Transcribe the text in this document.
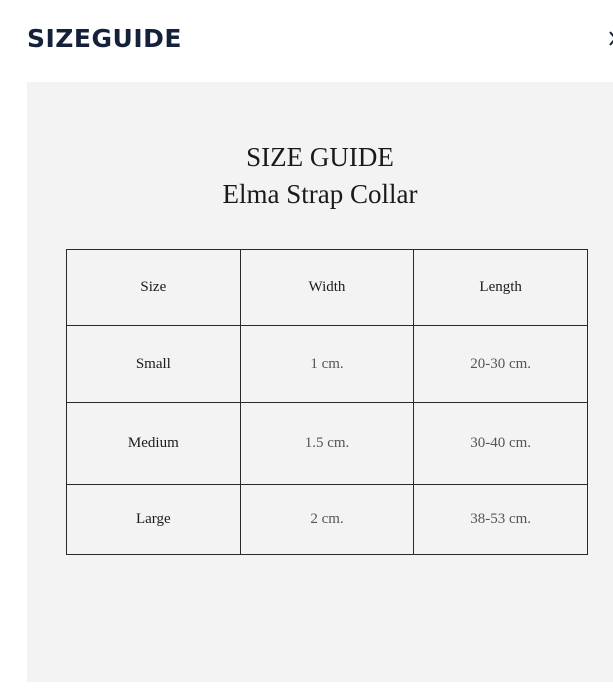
SIZEGUIDE

SIZE GUIDE

Elma Strap Collar

Size	Width	Length
Small	1 cm.	20-30 cm.
Medium	1.5 cm.	30-40 cm.
Large	2 cm.	38-53 cm.
